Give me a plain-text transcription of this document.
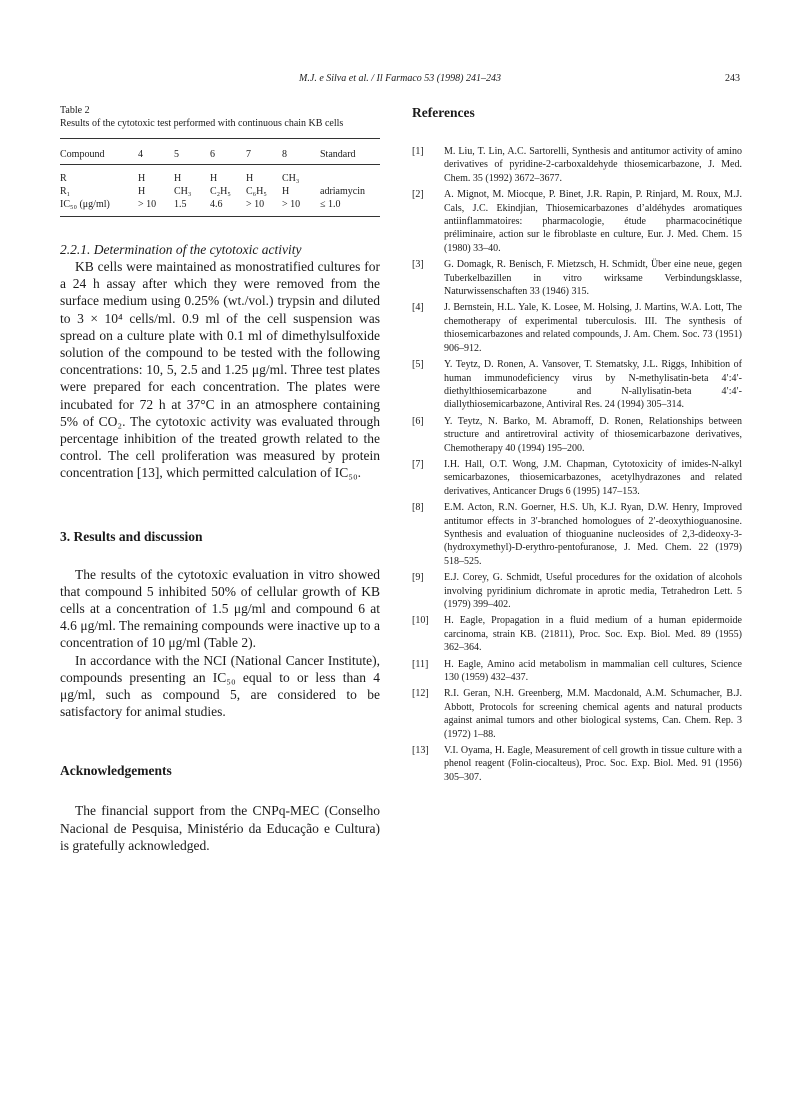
M.J. e Silva et al. / Il Farmaco 53 (1998) 241–243	243
Table 2
Results of the cytotoxic test performed with continuous chain KB cells
Compound	4	5	6	7	8	Standard
R	H	H	H	H	CH₃	
R₁	H	CH₃	C₂H₅	C₆H₅	H	adriamycin
IC₅₀ (μg/ml)	> 10	1.5	4.6	> 10	> 10	≤ 1.0
2.2.1. Determination of the cytotoxic activity

KB cells were maintained as monostratified cultures for a 24 h assay after which they were removed from the surface medium using 0.25% (wt./vol.) trypsin and diluted to 3 × 10⁴ cells/ml. 0.9 ml of the cell suspension was spread on a culture plate with 0.1 ml of dimethylsulfoxide solution of the compound to be tested with the following concentrations: 10, 5, 2.5 and 1.25 μg/ml. Three test plates were prepared for each concentration. The plates were incubated for 72 h at 37°C in an atmosphere containing 5% of CO₂. The cytotoxic activity was evaluated through percentage inhibition of the treated growth related to the control. The cell proliferation was measured by protein concentration [13], which permitted calculation of IC₅₀.

3. Results and discussion

The results of the cytotoxic evaluation in vitro showed that compound 5 inhibited 50% of cellular growth of KB cells at a concentration of 1.5 μg/ml and compound 6 at 4.6 μg/ml. The remaining compounds were inactive up to a concentration of 10 μg/ml (Table 2).

In accordance with the NCI (National Cancer Institute), compounds presenting an IC₅₀ equal to or less than 4 μg/ml, such as compound 5, are considered to be satisfactory for animal studies.

Acknowledgements

The financial support from the CNPq-MEC (Conselho Nacional de Pesquisa, Ministério da Educação e Cultura) is gratefully acknowledged.

References
[1]	M. Liu, T. Lin, A.C. Sartorelli, Synthesis and antitumor activity of amino derivatives of pyridine-2-carboxaldehyde thiosemicarbazone, J. Med. Chem. 35 (1992) 3672–3677.
[2]	A. Mignot, M. Miocque, P. Binet, J.R. Rapin, P. Rinjard, M. Roux, M.J. Cals, J.C. Ekindjian, Thiosemicarbazones d’aldéhydes aromatiques antiinflammatoires: pharmacologie, étude pharmacocinétique préliminaire, action sur le fibroblaste en culture, Eur. J. Med. Chem. 15 (1980) 33–40.
[3]	G. Domagk, R. Benisch, F. Mietzsch, H. Schmidt, Über eine neue, gegen Tuberkelbazillen in vitro wirksame Verbindungsklasse, Naturwissenschaften 33 (1946) 315.
[4]	J. Bernstein, H.L. Yale, K. Losee, M. Holsing, J. Martins, W.A. Lott, The chemotherapy of experimental tuberculosis. III. The synthesis of thiosemicarbazones and related compounds, J. Am. Chem. Soc. 73 (1951) 906–912.
[5]	Y. Teytz, D. Ronen, A. Vansover, T. Stematsky, J.L. Riggs, Inhibition of human immunodeficiency virus by N-methylisatin-beta 4′:4′-diethylthiosemicarbazone and N-allylisatin-beta 4′:4′-diallythiosemicarbazone, Antiviral Res. 24 (1994) 305–314.
[6]	Y. Teytz, N. Barko, M. Abramoff, D. Ronen, Relationships between structure and antiretroviral activity of thiosemicarbazone derivatives, Chemotherapy 40 (1994) 195–200.
[7]	I.H. Hall, O.T. Wong, J.M. Chapman, Cytotoxicity of imides-N-alkyl semicarbazones, thiosemicarbazones, acetylhydrazones and related derivatives, Anticancer Drugs 6 (1995) 147–153.
[8]	E.M. Acton, R.N. Goerner, H.S. Uh, K.J. Ryan, D.W. Henry, Improved antitumor effects in 3′-branched homologues of 2′-deoxythioguanosine. Synthesis and evaluation of thioguanine nucleosides of 2,3-dideoxy-3-(hydroxymethyl)-D-erythro-pentofuranose, J. Med. Chem. 22 (1979) 518–525.
[9]	E.J. Corey, G. Schmidt, Useful procedures for the oxidation of alcohols involving pyridinium dichromate in aprotic media, Tetrahedron Lett. 5 (1979) 399–402.
[10]	H. Eagle, Propagation in a fluid medium of a human epidermoide carcinoma, strain KB. (21811), Proc. Soc. Exp. Biol. Med. 89 (1955) 362–364.
[11]	H. Eagle, Amino acid metabolism in mammalian cell cultures, Science 130 (1959) 432–437.
[12]	R.I. Geran, N.H. Greenberg, M.M. Macdonald, A.M. Schumacher, B.J. Abbott, Protocols for screening chemical agents and natural products against animal tumors and other biological systems, Can. Chem. Rep. 3 (1972) 1–88.
[13]	V.I. Oyama, H. Eagle, Measurement of cell growth in tissue culture with a phenol reagent (Folin-ciocalteus), Proc. Soc. Exp. Biol. Med. 91 (1956) 305–307.
